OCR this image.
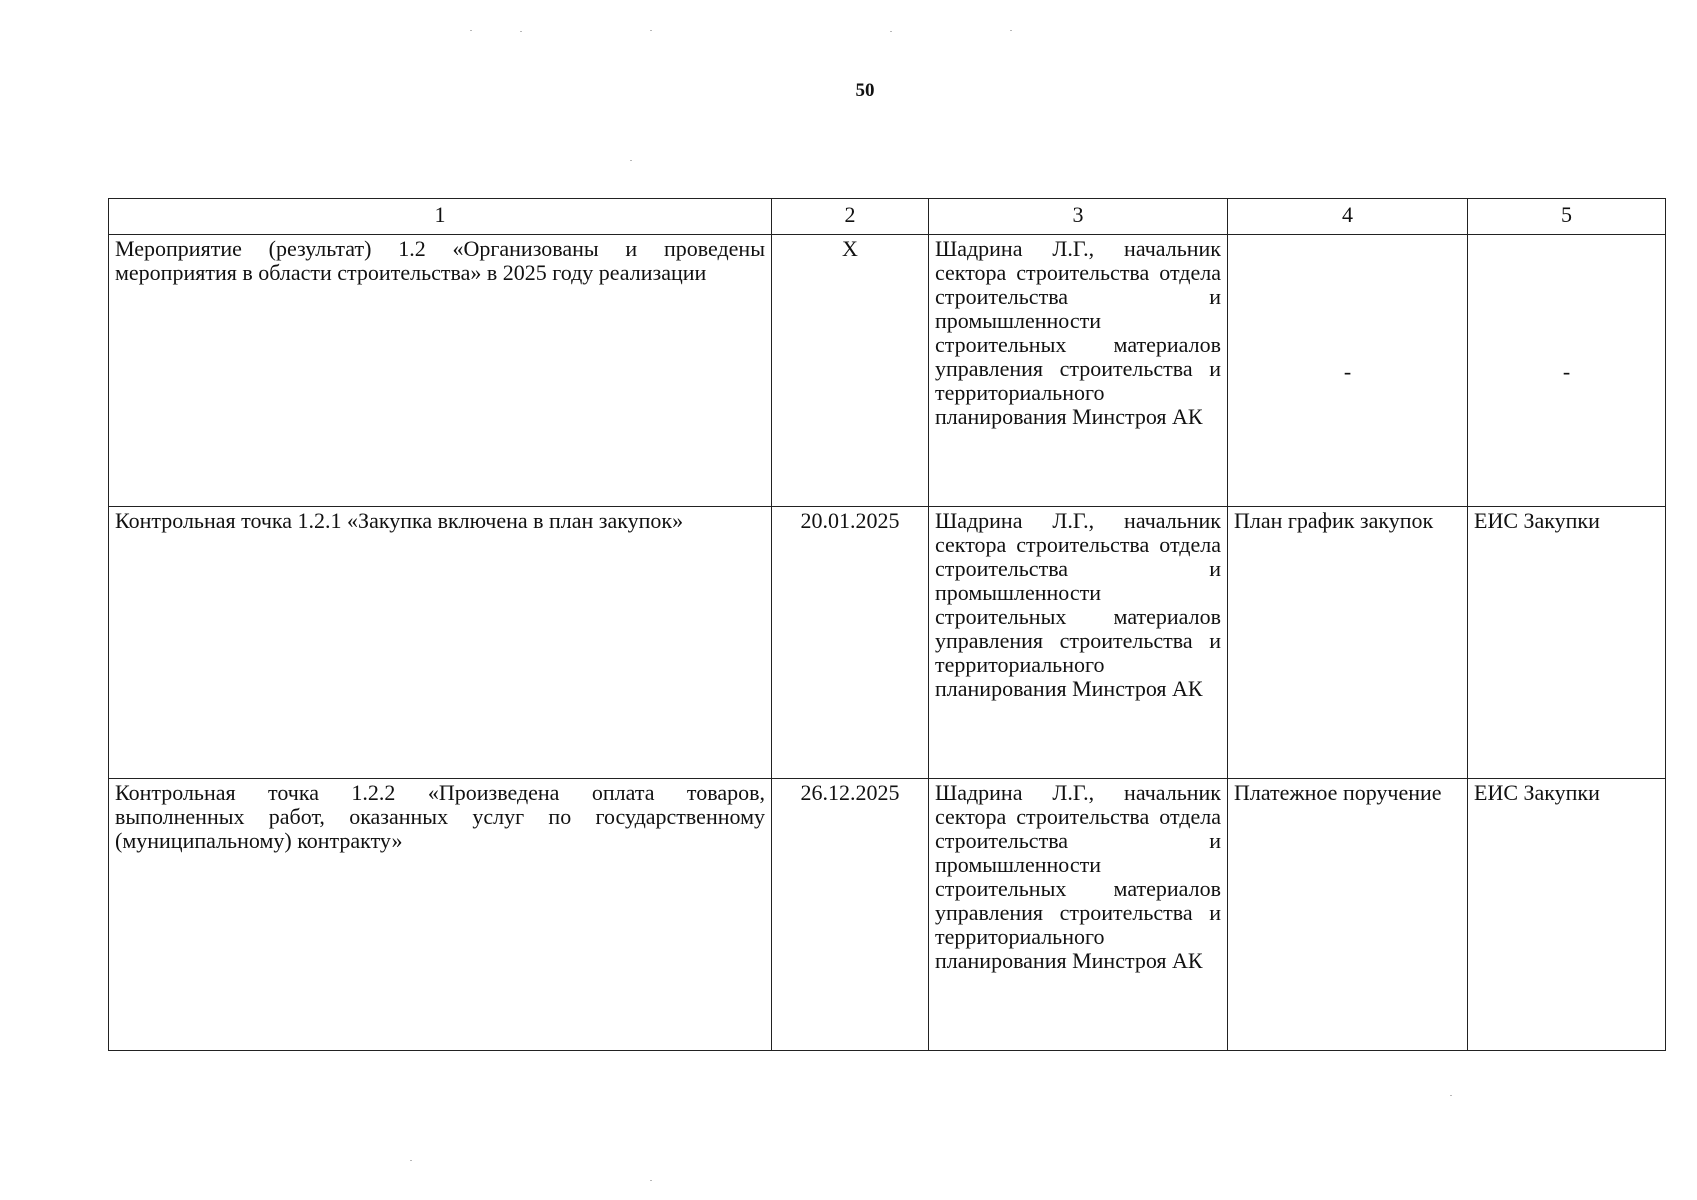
50
1	2	3	4	5
Мероприятие (результат) 1.2 «Организованы и проведены мероприятия в области строительства» в 2025 году реализации	Х	Шадрина Л.Г., начальник сектора строительства отдела строительства и промышленности строительных материалов управления строительства и территориального планирования Минстроя АК	-	-
Контрольная точка 1.2.1 «Закупка включена в план закупок»	20.01.2025	Шадрина Л.Г., начальник сектора строительства отдела строительства и промышленности строительных материалов управления строительства и территориального планирования Минстроя АК	План график закупок	ЕИС Закупки
Контрольная точка 1.2.2 «Произведена оплата товаров, выполненных работ, оказанных услуг по государственному (муниципальному) контракту»	26.12.2025	Шадрина Л.Г., начальник сектора строительства отдела строительства и промышленности строительных материалов управления строительства и территориального планирования Минстроя АК	Платежное поручение	ЕИС Закупки
